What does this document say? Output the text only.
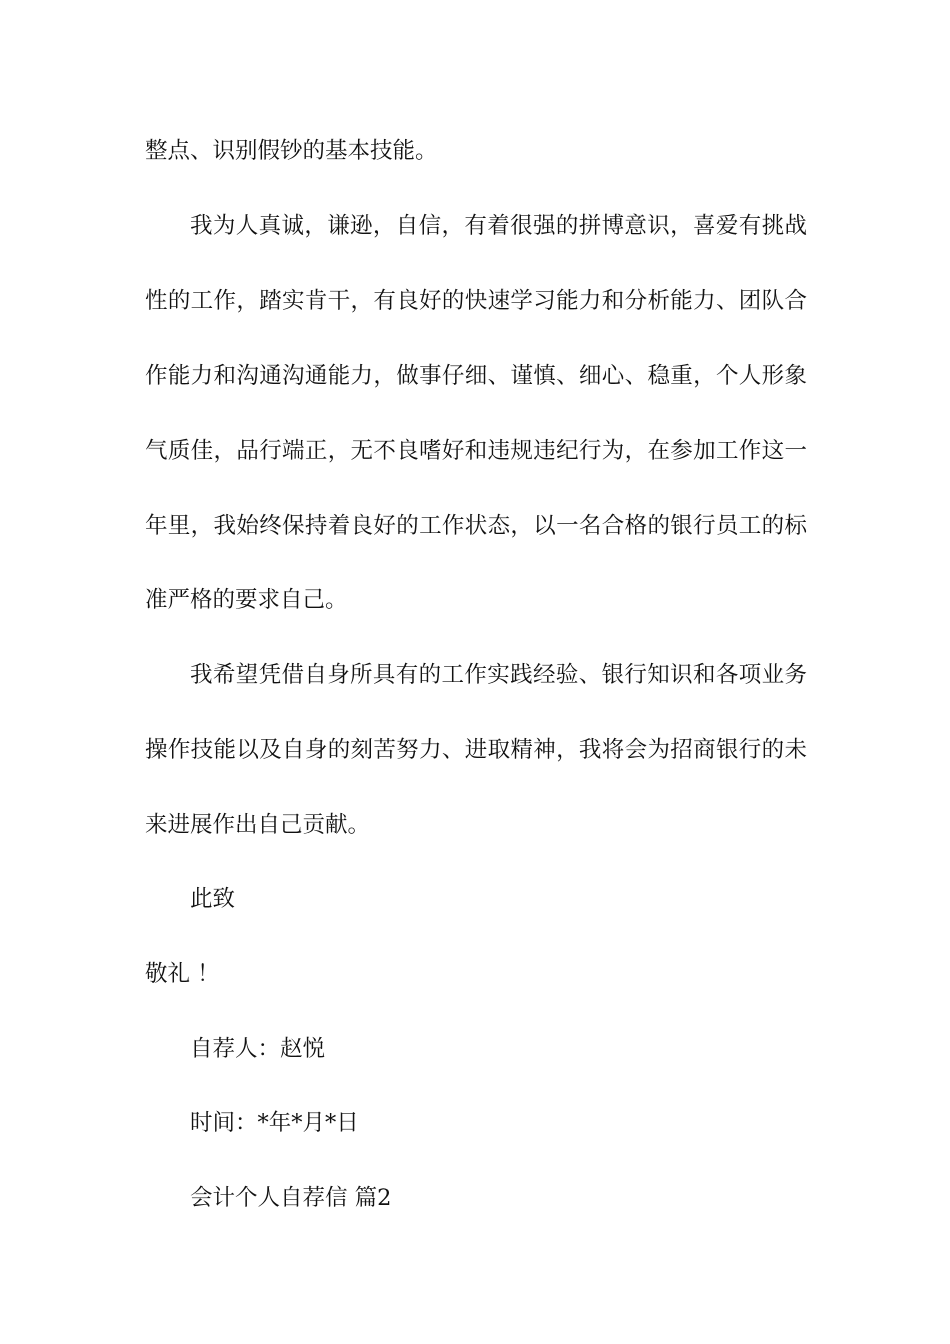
整点、识别假钞的基本技能。
我为人真诚，谦逊，自信，有着很强的拼博意识，喜爱有挑战
性的工作，踏实肯干，有良好的快速学习能力和分析能力、团队合
作能力和沟通沟通能力，做事仔细、谨慎、细心、稳重，个人形象
气质佳，品行端正，无不良嗜好和违规违纪行为，在参加工作这一
年里，我始终保持着良好的工作状态，以一名合格的银行员工的标
准严格的要求自己。
我希望凭借自身所具有的工作实践经验、银行知识和各项业务
操作技能以及自身的刻苦努力、进取精神，我将会为招商银行的未
来进展作出自己贡献。
此致
敬礼 ！
自荐人：赵悦
时间：*年*月*日
会计个人自荐信 篇2
